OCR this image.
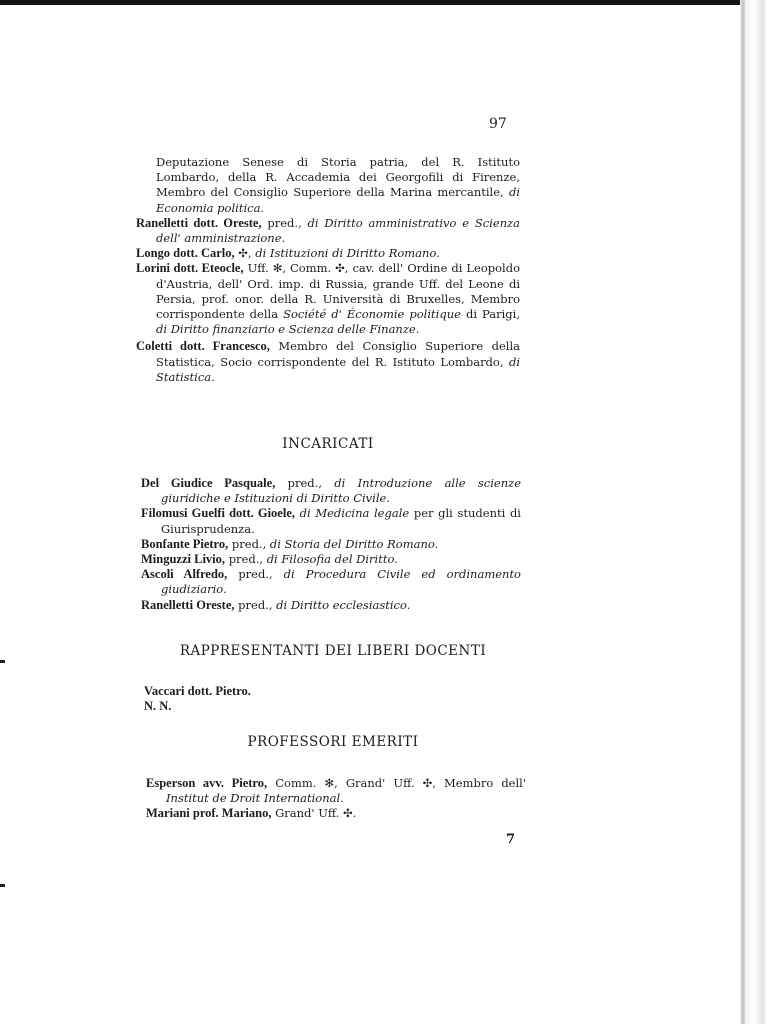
97

Deputazione Senese di Storia patria, del R. Istituto Lombardo, della R. Accademia dei Georgofili di Firenze, Membro del Consiglio Superiore della Marina mercantile, di Economia politica.

Ranelletti dott. Oreste, pred., di Diritto amministrativo e Scienza dell' amministrazione.

Longo dott. Carlo, ✣, di Istituzioni di Diritto Romano.

Lorini dott. Eteocle, Uff. ✻, Comm. ✣, cav. dell' Ordine di Leopoldo d'Austria, dell' Ord. imp. di Russia, grande Uff. del Leone di Persia, prof. onor. della R. Università di Bruxelles, Membro corrispondente della Société d' Économie politique di Parigi, di Diritto finanziario e Scienza delle Finanze.

Coletti dott. Francesco, Membro del Consiglio Superiore della Statistica, Socio corrispondente del R. Istituto Lombardo, di Statistica.

INCARICATI

Del Giudice Pasquale, pred., di Introduzione alle scienze giuridiche e Istituzioni di Diritto Civile.

Filomusi Guelfi dott. Gioele, di Medicina legale per gli studenti di Giurisprudenza.

Bonfante Pietro, pred., di Storia del Diritto Romano.

Minguzzi Livio, pred., di Filosofia del Diritto.

Ascoli Alfredo, pred., di Procedura Civile ed ordinamento giudiziario.

Ranelletti Oreste, pred., di Diritto ecclesiastico.

RAPPRESENTANTI DEI LIBERI DOCENTI
Vaccari dott. Pietro.
N. N.
PROFESSORI EMERITI

Esperson avv. Pietro, Comm. ✻, Grand' Uff. ✣, Membro dell' Institut de Droit International.

Mariani prof. Mariano, Grand' Uff. ✣.

7
